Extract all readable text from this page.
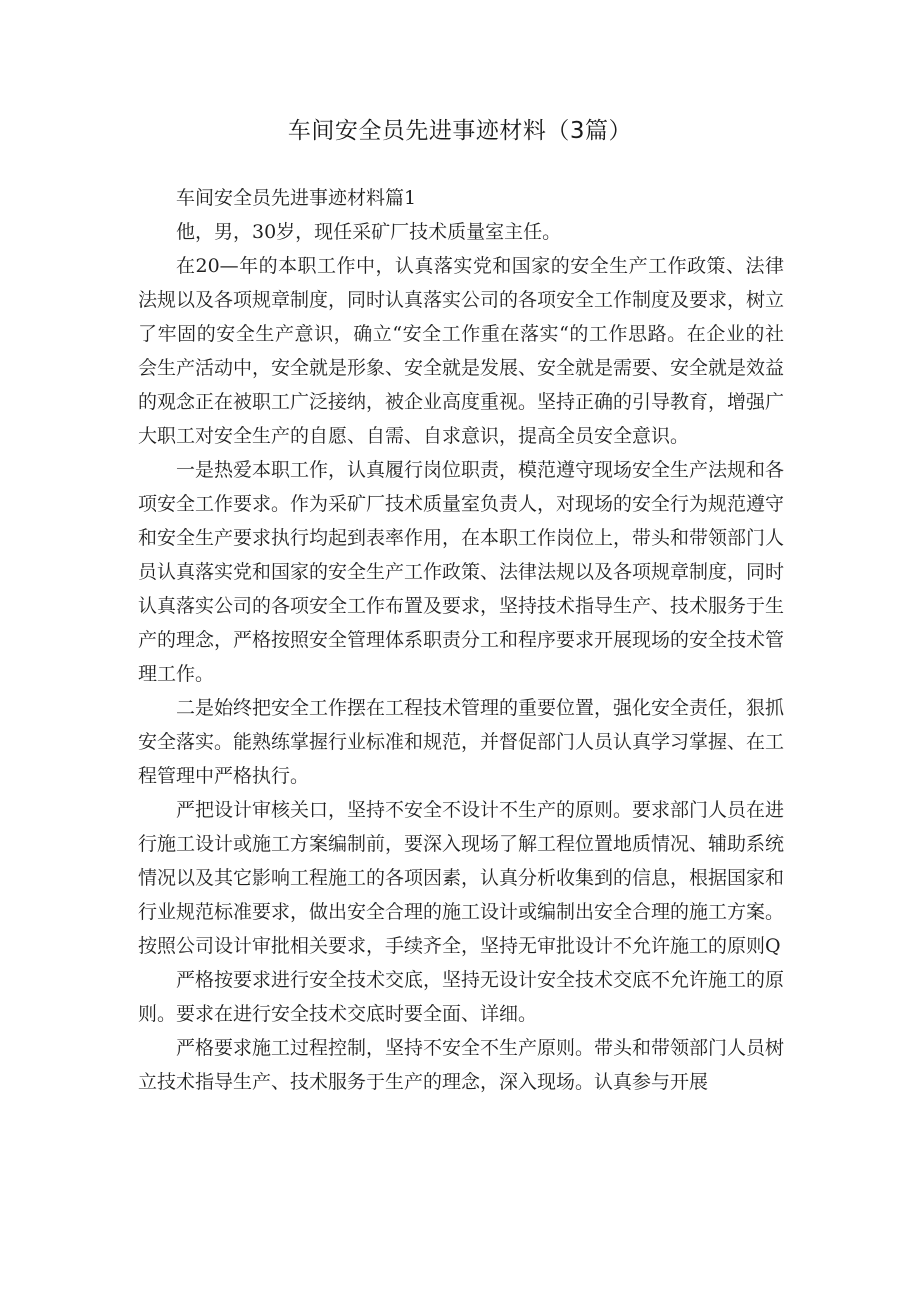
车间安全员先进事迹材料（3篇）

车间安全员先进事迹材料篇1

他，男，30岁，现任采矿厂技术质量室主任。

在20—年的本职工作中，认真落实党和国家的安全生产工作政策、法律法规以及各项规章制度，同时认真落实公司的各项安全工作制度及要求，树立了牢固的安全生产意识，确立“安全工作重在落实“的工作思路。在企业的社会生产活动中，安全就是形象、安全就是发展、安全就是需要、安全就是效益的观念正在被职工广泛接纳，被企业高度重视。坚持正确的引导教育，增强广大职工对安全生产的自愿、自需、自求意识，提高全员安全意识。

一是热爱本职工作，认真履行岗位职责，模范遵守现场安全生产法规和各项安全工作要求。作为采矿厂技术质量室负责人，对现场的安全行为规范遵守和安全生产要求执行均起到表率作用，在本职工作岗位上，带头和带领部门人员认真落实党和国家的安全生产工作政策、法律法规以及各项规章制度，同时认真落实公司的各项安全工作布置及要求，坚持技术指导生产、技术服务于生产的理念，严格按照安全管理体系职责分工和程序要求开展现场的安全技术管理工作。

二是始终把安全工作摆在工程技术管理的重要位置，强化安全责任，狠抓安全落实。能熟练掌握行业标准和规范，并督促部门人员认真学习掌握、在工程管理中严格执行。

严把设计审核关口，坚持不安全不设计不生产的原则。要求部门人员在进行施工设计或施工方案编制前，要深入现场了解工程位置地质情况、辅助系统情况以及其它影响工程施工的各项因素，认真分析收集到的信息，根据国家和行业规范标准要求，做出安全合理的施工设计或编制出安全合理的施工方案。按照公司设计审批相关要求，手续齐全，坚持无审批设计不允许施工的原则Q

严格按要求进行安全技术交底，坚持无设计安全技术交底不允许施工的原则。要求在进行安全技术交底时要全面、详细。

严格要求施工过程控制，坚持不安全不生产原则。带头和带领部门人员树立技术指导生产、技术服务于生产的理念，深入现场。认真参与开展
